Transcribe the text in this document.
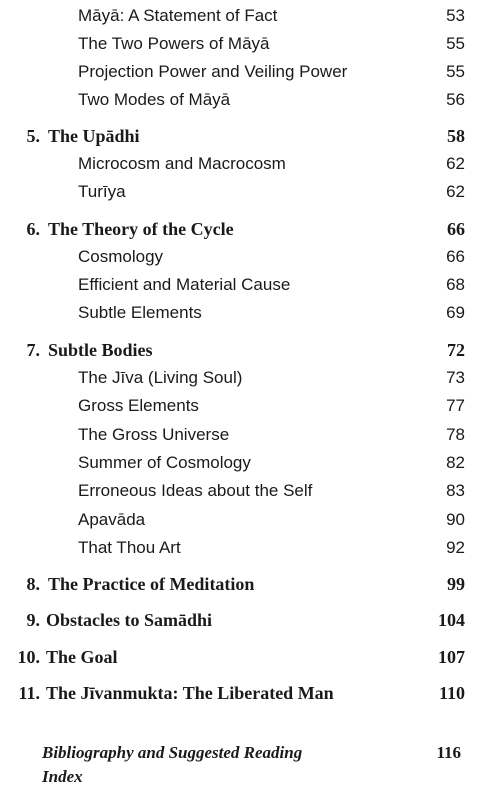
Māyā: A Statement of Fact	53
The Two Powers of Māyā	55
Projection Power and Veiling Power	55
Two Modes of Māyā	56
5. The Upādhi	58
Microcosm and Macrocosm	62
Turīya	62
6. The Theory of the Cycle	66
Cosmology	66
Efficient and Material Cause	68
Subtle Elements	69
7. Subtle Bodies	72
The Jīva (Living Soul)	73
Gross Elements	77
The Gross Universe	78
Summer of Cosmology	82
Erroneous Ideas about the Self	83
Apavāda	90
That Thou Art	92
8. The Practice of Meditation	99
9. Obstacles to Samādhi	104
10. The Goal	107
11. The Jīvanmukta: The Liberated Man	110
Bibliography and Suggested Reading	116
Index
